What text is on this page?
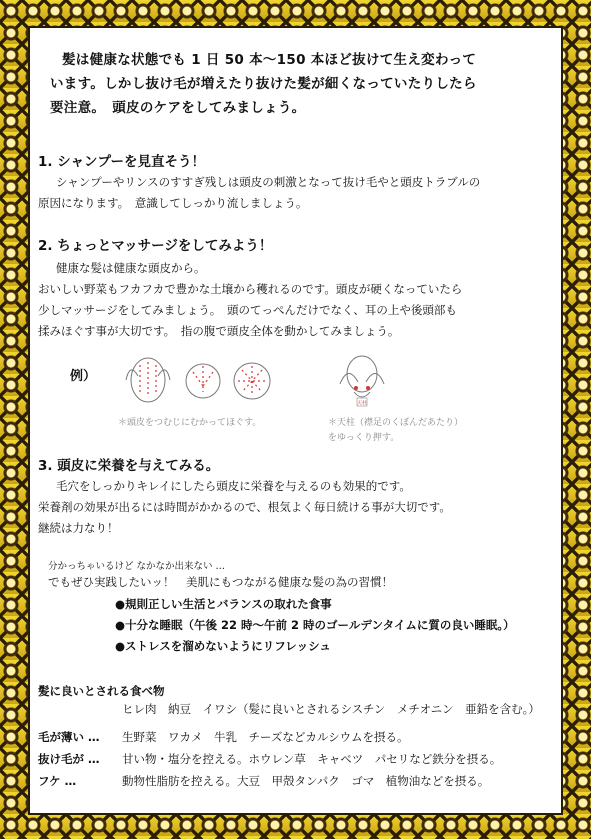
髪は健康な状態でも 1 日 50 本〜150 本ほど抜けて生え変わって

います。しかし抜け毛が増えたり抜けた髪が細くなっていたりしたら

要注意。　頭皮のケアをしてみましょう。

1. シャンプーを見直そう！

シャンプーやリンスのすすぎ残しは頭皮の刺激となって抜け毛やと頭皮トラブルの

原因になります。　意識してしっかり流しましょう。

2. ちょっとマッサージをしてみよう！

健康な髪は健康な頭皮から。

おいしい野菜もフカフカで豊かな土壌から穫れるのです。頭皮が硬くなっていたら

少しマッサージをしてみましょう。　頭のてっぺんだけでなく、耳の上や後頭部も

揉みほぐす事が大切です。　指の腹で頭皮全体を動かしてみましょう。

例）
天柱

＊頭皮をつむじにむかってほぐす。	＊天柱（襟足のくぼんだあたり）

をゆっくり押す。

3. 頭皮に栄養を与えてみる。

毛穴をしっかりキレイにしたら頭皮に栄養を与えるのも効果的です。

栄養剤の効果が出るには時間がかかるので、根気よく毎日続ける事が大切です。

継続は力なり！

分かっちゃいるけど なかなか出来ない …
でもぜひ実践したいッ！　美肌にもつながる健康な髪の為の習慣！

●規則正しい生活とバランスの取れた食事

●十分な睡眠（午後 22 時〜午前 2 時のゴールデンタイムに質の良い睡眠。）

●ストレスを溜めないようにリフレッシュ

髪に良いとされる食べ物
ヒレ肉　納豆　イワシ（髪に良いとされるシスチン　メチオニン　亜鉛を含む。）
毛が薄い …	生野菜　ワカメ　牛乳　チーズなどカルシウムを摂る。
抜け毛が …	甘い物・塩分を控える。ホウレン草　キャベツ　パセリなど鉄分を摂る。
フケ …	動物性脂肪を控える。大豆　甲殻タンパク　ゴマ　植物油などを摂る。
